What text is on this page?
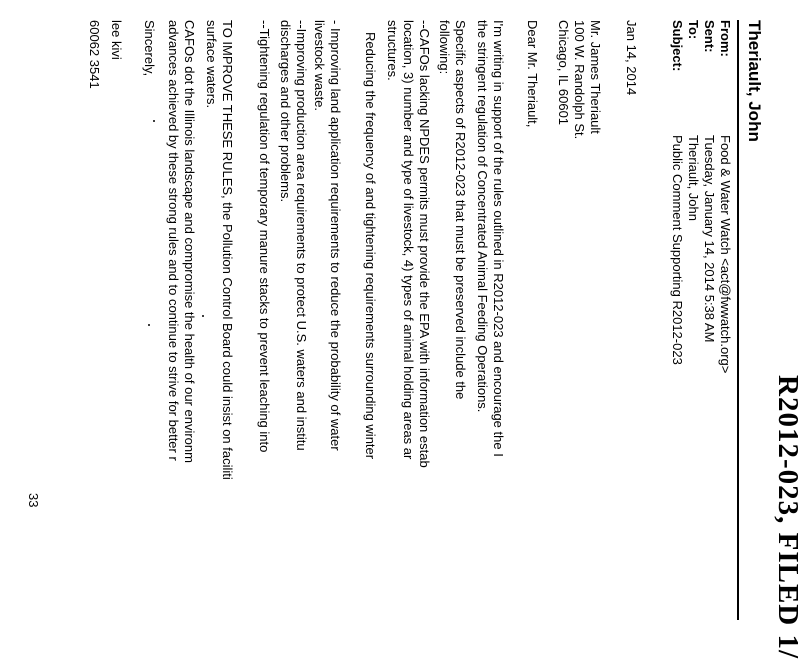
R2012-023, FILED 1/
Theriault, John
From:
Food & Water Watch <act@fwwatch.org>
Sent:
Tuesday, January 14, 2014 5:38 AM
To:
Theriault, John
Subject:
Public Comment Supporting R2012-023
Jan 14, 2014
Mr. James Theriault
100 W. Randolph St.
Chicago, IL 60601
Dear Mr. Theriault,
I'm writing in support of the rules outlined in R2012-023 and encourage the I
the stringent regulation of Concentrated Animal Feeding Operations.
Specific aspects of R2012-023 that must be preserved include the
following:
--CAFOs lacking NPDES permits must provide the EPA with information estab
location, 3) number and type of livestock, 4) types of animal holding areas ar
structures.
Reducing the frequency of and tightening requirements surrounding winter
- Improving land application requirements to reduce the probability of water
livestock waste.
--Improving production area requirements to protect U.S. waters and institu
discharges and other problems.
--Tightening regulation of temporary manure stacks to prevent leaching into
TO IMPROVE THESE RULES, the Pollution Control Board could insist on faciliti
surface waters.
CAFOs dot the Illinois landscape and compromise the health of our environm
advances achieved by these strong rules and to continue to strive for better r
Sincerely,
lee kivi
60062 3541
33
